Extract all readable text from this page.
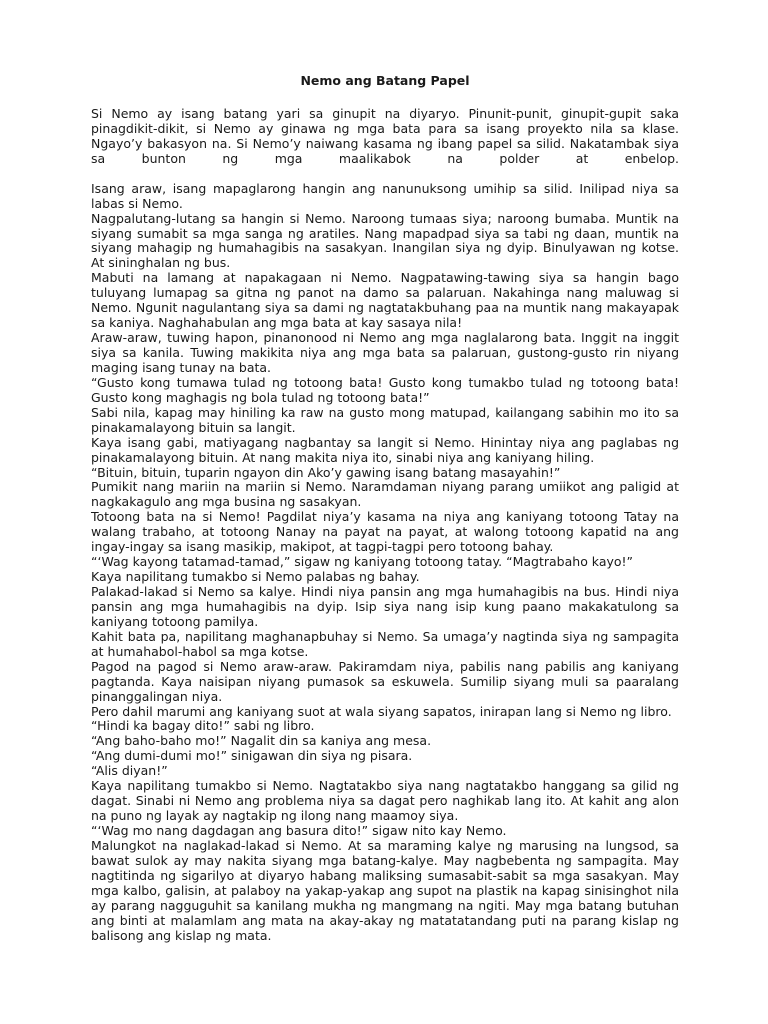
Nemo ang Batang Papel
Si Nemo ay isang batang yari sa ginupit na diyaryo. Pinunit-punit, ginupit-gupit saka
pinagdikit-dikit, si Nemo ay ginawa ng mga bata para sa isang proyekto nila sa klase.
Ngayo’y bakasyon na. Si Nemo’y naiwang kasama ng ibang papel sa silid. Nakatambak siya
sa bunton ng mga maalikabok na polder at enbelop.
Isang araw, isang mapaglarong hangin ang nanunuksong umihip sa silid. Inilipad niya sa
labas si Nemo.
Nagpalutang-lutang sa hangin si Nemo. Naroong tumaas siya; naroong bumaba. Muntik na
siyang sumabit sa mga sanga ng aratiles. Nang mapadpad siya sa tabi ng daan, muntik na
siyang mahagip ng humahagibis na sasakyan. Inangilan siya ng dyip. Binulyawan ng kotse.
At sininghalan ng bus.
Mabuti na lamang at napakagaan ni Nemo. Nagpatawing-tawing siya sa hangin bago
tuluyang lumapag sa gitna ng panot na damo sa palaruan. Nakahinga nang maluwag si
Nemo. Ngunit nagulantang siya sa dami ng nagtatakbuhang paa na muntik nang makayapak
sa kaniya. Naghahabulan ang mga bata at kay sasaya nila!
Araw-araw, tuwing hapon, pinanonood ni Nemo ang mga naglalarong bata. Inggit na inggit
siya sa kanila. Tuwing makikita niya ang mga bata sa palaruan, gustong-gusto rin niyang
maging isang tunay na bata.
“Gusto kong tumawa tulad ng totoong bata! Gusto kong tumakbo tulad ng totoong bata!
Gusto kong maghagis ng bola tulad ng totoong bata!”
Sabi nila, kapag may hiniling ka raw na gusto mong matupad, kailangang sabihin mo ito sa
pinakamalayong bituin sa langit.
Kaya isang gabi, matiyagang nagbantay sa langit si Nemo. Hinintay niya ang paglabas ng
pinakamalayong bituin. At nang makita niya ito, sinabi niya ang kaniyang hiling.
“Bituin, bituin, tuparin ngayon din Ako’y gawing isang batang masayahin!”
Pumikit nang mariin na mariin si Nemo. Naramdaman niyang parang umiikot ang paligid at
nagkakagulo ang mga busina ng sasakyan.
Totoong bata na si Nemo! Pagdilat niya’y kasama na niya ang kaniyang totoong Tatay na
walang trabaho, at totoong Nanay na payat na payat, at walong totoong kapatid na ang
ingay-ingay sa isang masikip, makipot, at tagpi-tagpi pero totoong bahay.
“‘Wag kayong tatamad-tamad,” sigaw ng kaniyang totoong tatay. “Magtrabaho kayo!”
Kaya napilitang tumakbo si Nemo palabas ng bahay.
Palakad-lakad si Nemo sa kalye. Hindi niya pansin ang mga humahagibis na bus. Hindi niya
pansin ang mga humahagibis na dyip. Isip siya nang isip kung paano makakatulong sa
kaniyang totoong pamilya.
Kahit bata pa, napilitang maghanapbuhay si Nemo. Sa umaga’y nagtinda siya ng sampagita
at humahabol-habol sa mga kotse.
Pagod na pagod si Nemo araw-araw. Pakiramdam niya, pabilis nang pabilis ang kaniyang
pagtanda. Kaya naisipan niyang pumasok sa eskuwela. Sumilip siyang muli sa paaralang
pinanggalingan niya.
Pero dahil marumi ang kaniyang suot at wala siyang sapatos, inirapan lang si Nemo ng libro.
“Hindi ka bagay dito!” sabi ng libro.
“Ang baho-baho mo!” Nagalit din sa kaniya ang mesa.
“Ang dumi-dumi mo!” sinigawan din siya ng pisara.
“Alis diyan!”
Kaya napilitang tumakbo si Nemo. Nagtatakbo siya nang nagtatakbo hanggang sa gilid ng
dagat. Sinabi ni Nemo ang problema niya sa dagat pero naghikab lang ito. At kahit ang alon
na puno ng layak ay nagtakip ng ilong nang maamoy siya.
“‘Wag mo nang dagdagan ang basura dito!” sigaw nito kay Nemo.
Malungkot na naglakad-lakad si Nemo. At sa maraming kalye ng marusing na lungsod, sa
bawat sulok ay may nakita siyang mga batang-kalye. May nagbebenta ng sampagita. May
nagtitinda ng sigarilyo at diyaryo habang maliksing sumasabit-sabit sa mga sasakyan. May
mga kalbo, galisin, at palaboy na yakap-yakap ang supot na plastik na kapag sinisinghot nila
ay parang nagguguhit sa kanilang mukha ng mangmang na ngiti. May mga batang butuhan
ang binti at malamlam ang mata na akay-akay ng matatatandang puti na parang kislap ng
balisong ang kislap ng mata.
